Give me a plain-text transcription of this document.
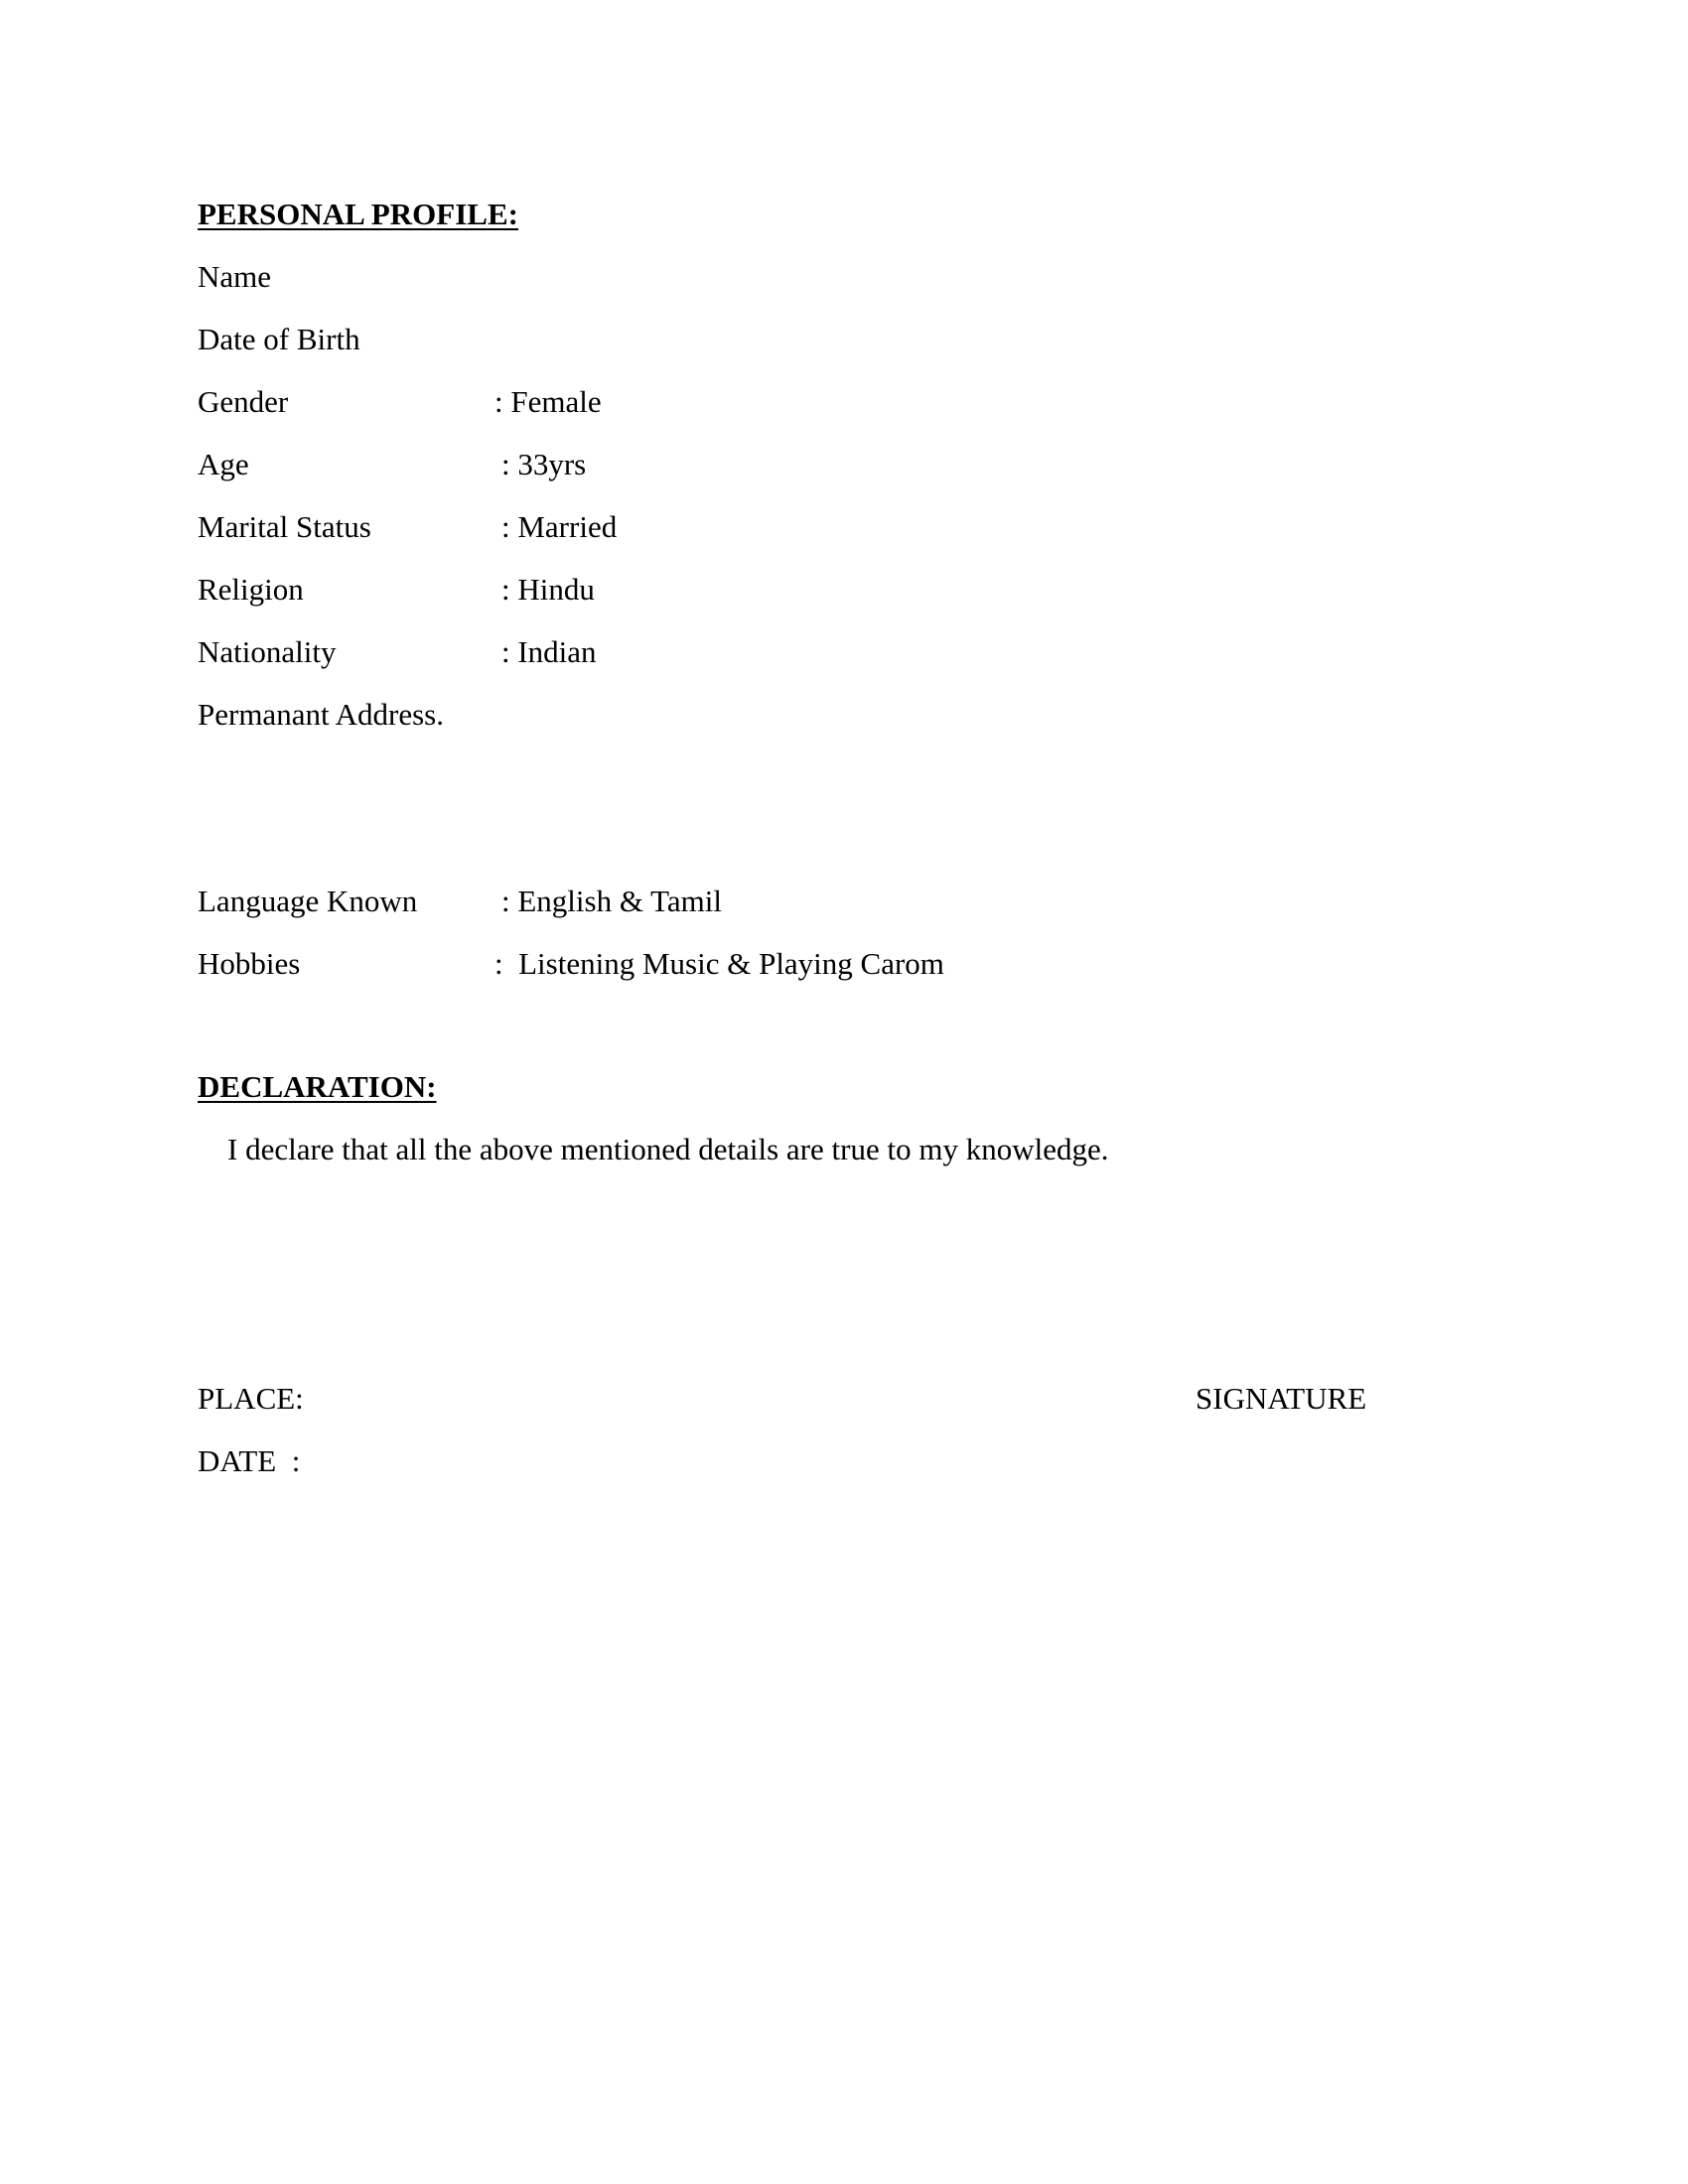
PERSONAL PROFILE:
Name
Date of Birth
Gender	: Female
Age	: 33yrs
Marital Status	: Married
Religion	: Hindu
Nationality	: Indian
Permanant Address.
Language Known	: English & Tamil
Hobbies	:  Listening Music & Playing Carom
DECLARATION:
I declare that all the above mentioned details are true to my knowledge.
PLACE:	SIGNATURE
DATE  :
